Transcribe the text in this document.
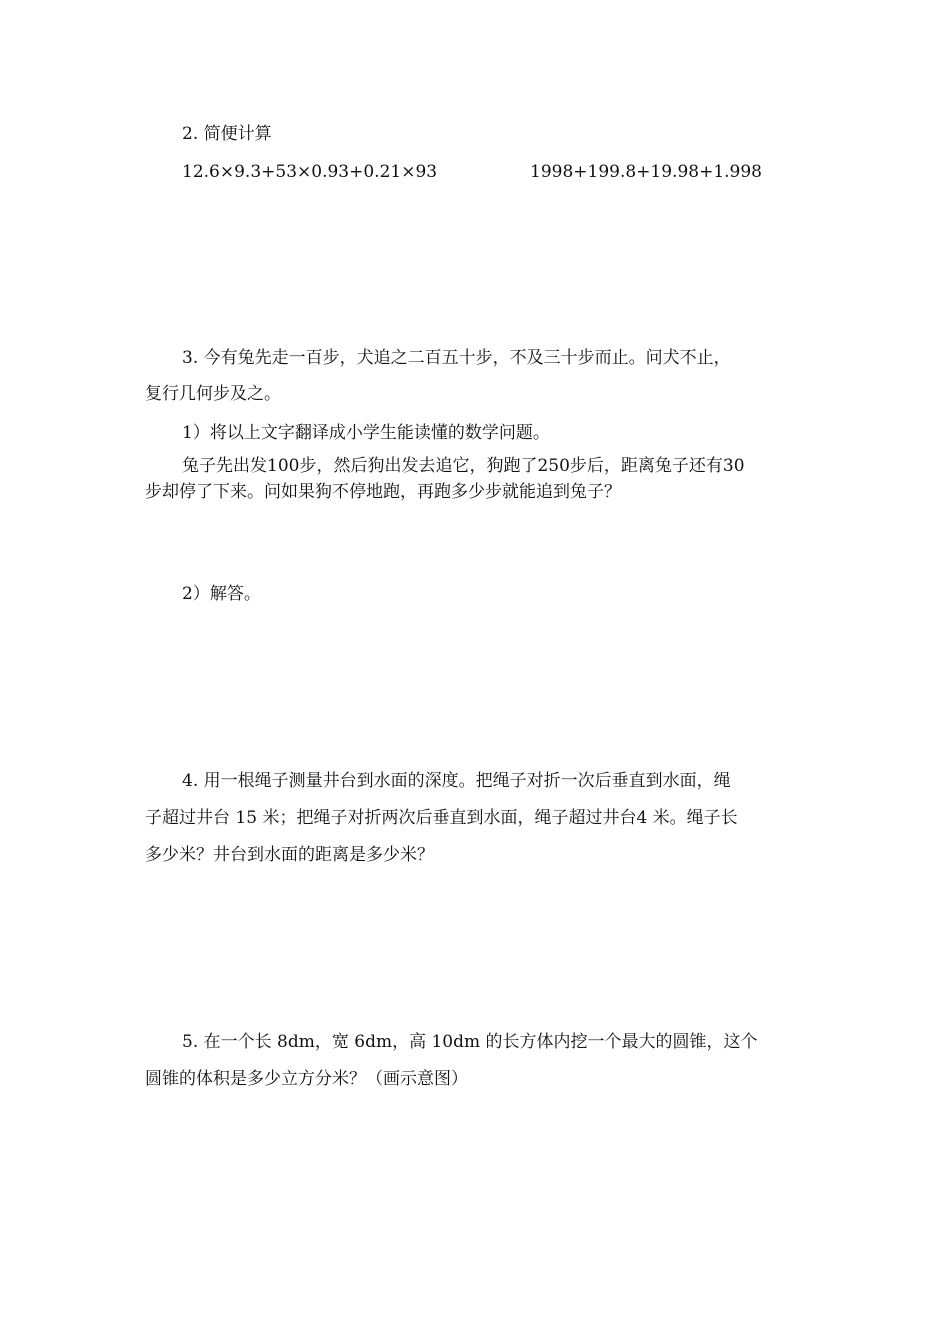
2. 简便计算
12.6×9.3+53×0.93+0.21×93	1998+199.8+19.98+1.998
3. 今有兔先走一百步，犬追之二百五十步，不及三十步而止。问犬不止，
复行几何步及之。
1）将以上文字翻译成小学生能读懂的数学问题。
兔子先出发100步，然后狗出发去追它，狗跑了250步后，距离兔子还有30
步却停了下来。问如果狗不停地跑，再跑多少步就能追到兔子？
2）解答。
4. 用一根绳子测量井台到水面的深度。把绳子对折一次后垂直到水面，绳
子超过井台 15 米；把绳子对折两次后垂直到水面，绳子超过井台4 米。绳子长
多少米？井台到水面的距离是多少米？
5. 在一个长 8dm，宽 6dm，高 10dm 的长方体内挖一个最大的圆锥，这个
圆锥的体积是多少立方分米？（画示意图）
